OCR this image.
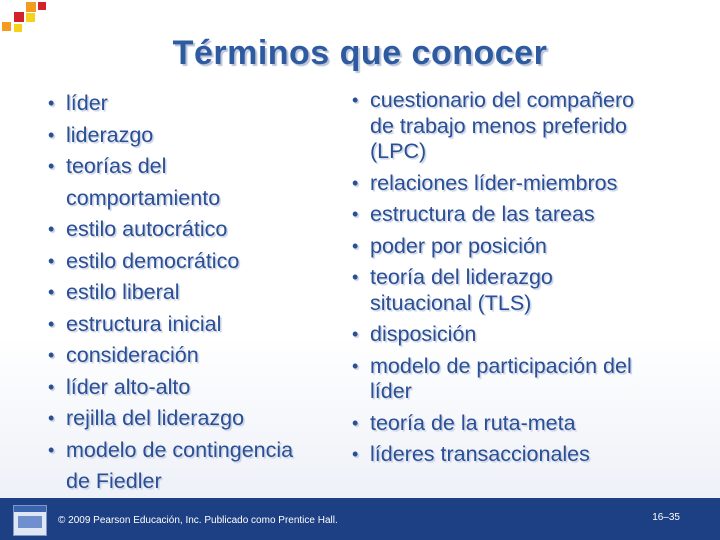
Términos que conocer
• líder
• liderazgo
• teorías del
comportamiento
• estilo autocrático
• estilo democrático
• estilo liberal
• estructura inicial
• consideración
• líder alto-alto
• rejilla del liderazgo
• modelo de contingencia
de Fiedler
• cuestionario del compañero
de trabajo menos preferido
(LPC)
• relaciones líder-miembros
• estructura de las tareas
• poder por posición
• teoría del liderazgo
situacional (TLS)
• disposición
• modelo de participación del
líder
• teoría de la ruta-meta
• líderes transaccionales
© 2009 Pearson Educación, Inc. Publicado como Prentice Hall.	16–35
